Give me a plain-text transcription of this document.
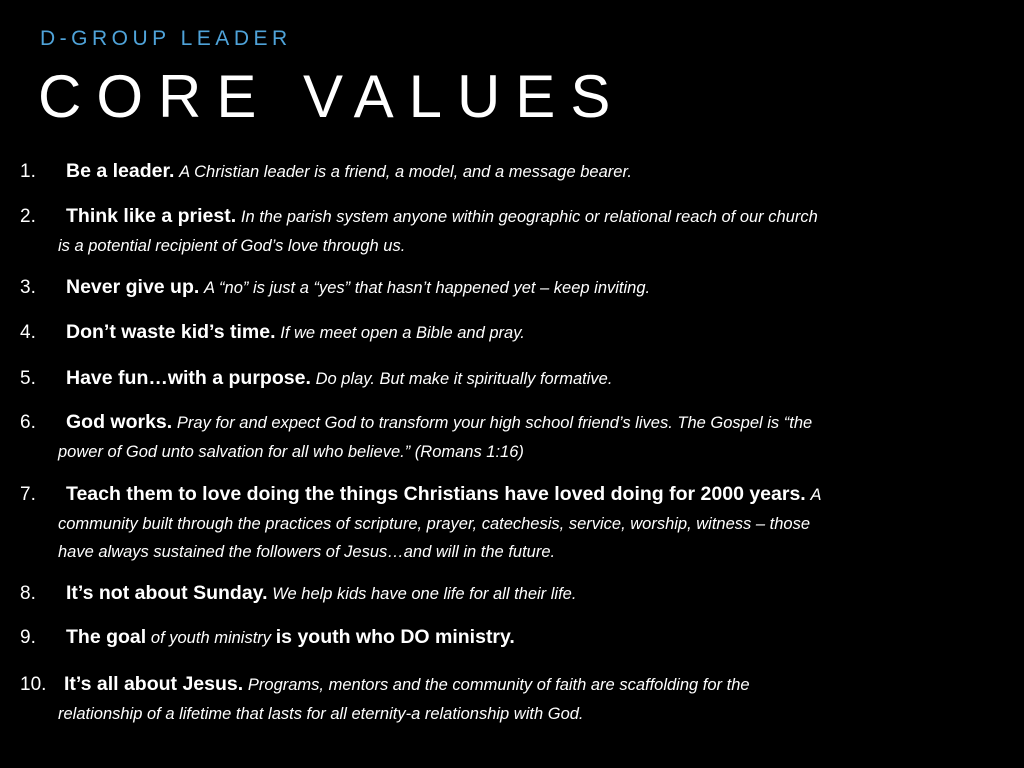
D-GROUP LEADER
CORE VALUES
1. Be a leader. A Christian leader is a friend, a model, and a message bearer.
2. Think like a priest. In the parish system anyone within geographic or relational reach of our church
is a potential recipient of God’s love through us.
3. Never give up. A “no” is just a “yes” that hasn’t happened yet – keep inviting.
4. Don’t waste kid’s time. If we meet open a Bible and pray.
5. Have fun…with a purpose. Do play. But make it spiritually formative.
6. God works. Pray for and expect God to transform your high school friend’s lives. The Gospel is “the
power of God unto salvation for all who believe.” (Romans 1:16)
7. Teach them to love doing the things Christians have loved doing for 2000 years. A
community built through the practices of scripture, prayer, catechesis, service, worship, witness – those
have always sustained the followers of Jesus…and will in the future.
8. It’s not about Sunday. We help kids have one life for all their life.
9. The goal of youth ministry is youth who DO ministry.
10. It’s all about Jesus. Programs, mentors and the community of faith are scaffolding for the
relationship of a lifetime that lasts for all eternity-a relationship with God.
